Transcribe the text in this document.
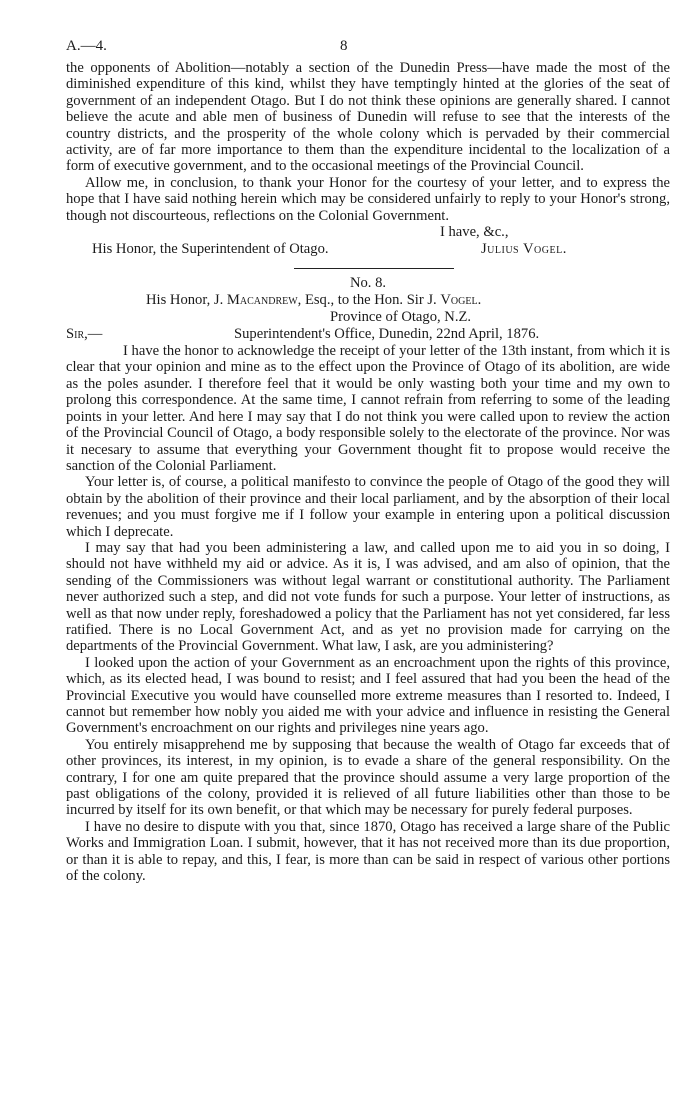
A.—4.	8

the opponents of Abolition—notably a section of the Dunedin Press—have made the most of the diminished expenditure of this kind, whilst they have temptingly hinted at the glories of the seat of government of an independent Otago. But I do not think these opinions are generally shared. I cannot believe the acute and able men of business of Dunedin will refuse to see that the interests of the country districts, and the prosperity of the whole colony which is pervaded by their commercial activity, are of far more importance to them than the expenditure incidental to the localization of a form of executive government, and to the occasional meetings of the Provincial Council.

Allow me, in conclusion, to thank your Honor for the courtesy of your letter, and to express the hope that I have said nothing herein which may be considered unfairly to reply to your Honor's strong, though not discourteous, reflections on the Colonial Government.

I have, &c.,
His Honor, the Superintendent of Otago.	Julius Vogel.
No. 8.
His Honor, J. Macandrew, Esq., to the Hon. Sir J. Vogel.
Province of Otago, N.Z.
Sir,—	Superintendent's Office, Dunedin, 22nd April, 1876.

I have the honor to acknowledge the receipt of your letter of the 13th instant, from which it is clear that your opinion and mine as to the effect upon the Province of Otago of its abolition, are wide as the poles asunder. I therefore feel that it would be only wasting both your time and my own to prolong this correspondence. At the same time, I cannot refrain from referring to some of the leading points in your letter. And here I may say that I do not think you were called upon to review the action of the Provincial Council of Otago, a body responsible solely to the electorate of the province. Nor was it necesary to assume that everything your Government thought fit to propose would receive the sanction of the Colonial Parliament.

Your letter is, of course, a political manifesto to convince the people of Otago of the good they will obtain by the abolition of their province and their local parliament, and by the absorption of their local revenues; and you must forgive me if I follow your example in entering upon a political discussion which I deprecate.

I may say that had you been administering a law, and called upon me to aid you in so doing, I should not have withheld my aid or advice. As it is, I was advised, and am also of opinion, that the sending of the Commissioners was without legal warrant or constitutional authority. The Parliament never authorized such a step, and did not vote funds for such a purpose. Your letter of instructions, as well as that now under reply, foreshadowed a policy that the Parliament has not yet considered, far less ratified. There is no Local Government Act, and as yet no provision made for carrying on the departments of the Provincial Government. What law, I ask, are you administering?

I looked upon the action of your Government as an encroachment upon the rights of this province, which, as its elected head, I was bound to resist; and I feel assured that had you been the head of the Provincial Executive you would have counselled more extreme measures than I resorted to. Indeed, I cannot but remember how nobly you aided me with your advice and influence in resisting the General Government's encroachment on our rights and privileges nine years ago.

You entirely misapprehend me by supposing that because the wealth of Otago far exceeds that of other provinces, its interest, in my opinion, is to evade a share of the general responsibility. On the contrary, I for one am quite prepared that the province should assume a very large proportion of the past obligations of the colony, provided it is relieved of all future liabilities other than those to be incurred by itself for its own benefit, or that which may be necessary for purely federal purposes.

I have no desire to dispute with you that, since 1870, Otago has received a large share of the Public Works and Immigration Loan. I submit, however, that it has not received more than its due proportion, or than it is able to repay, and this, I fear, is more than can be said in respect of various other portions of the colony.
